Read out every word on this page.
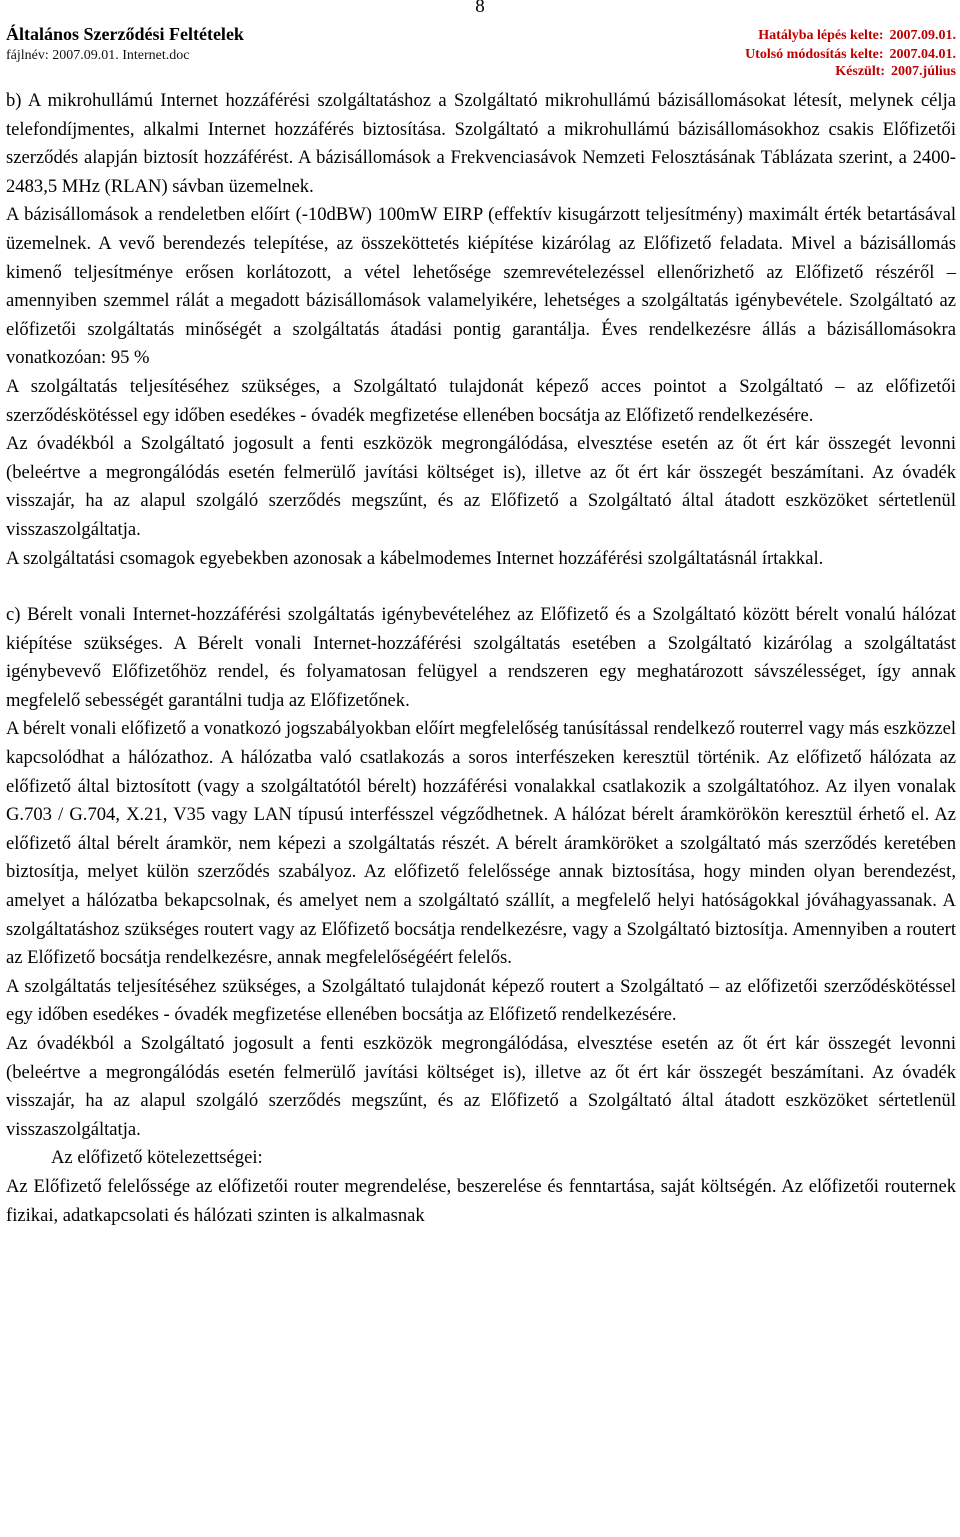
8
Általános Szerződési Feltételek
fájlnév: 2007.09.01. Internet.doc
Hatályba lépés kelte: 2007.09.01.
Utolsó módosítás kelte: 2007.04.01.
Készült: 2007.július

b) A mikrohullámú Internet hozzáférési szolgáltatáshoz a Szolgáltató mikrohullámú bázisállomásokat létesít, melynek célja telefondíjmentes, alkalmi Internet hozzáférés biztosítása. Szolgáltató a mikrohullámú bázisállomásokhoz csakis Előfizetői szerződés alapján biztosít hozzáférést. A bázisállomások a Frekvenciasávok Nemzeti Felosztásának Táblázata szerint, a 2400-2483,5 MHz (RLAN) sávban üzemelnek.

A bázisállomások a rendeletben előírt (-10dBW) 100mW EIRP (effektív kisugárzott teljesítmény) maximált érték betartásával üzemelnek. A vevő berendezés telepítése, az összeköttetés kiépítése kizárólag az Előfizető feladata. Mivel a bázisállomás kimenő teljesítménye erősen korlátozott, a vétel lehetősége szemrevételezéssel ellenőrizhető az Előfizető részéről – amennyiben szemmel rálát a megadott bázisállomások valamelyikére, lehetséges a szolgáltatás igénybevétele. Szolgáltató az előfizetői szolgáltatás minőségét a szolgáltatás átadási pontig garantálja. Éves rendelkezésre állás a bázisállomásokra vonatkozóan: 95 %

A szolgáltatás teljesítéséhez szükséges, a Szolgáltató tulajdonát képező acces pointot a Szolgáltató – az előfizetői szerződéskötéssel egy időben esedékes - óvadék megfizetése ellenében bocsátja az Előfizető rendelkezésére.

Az óvadékból a Szolgáltató jogosult a fenti eszközök megrongálódása, elvesztése esetén az őt ért kár összegét levonni (beleértve a megrongálódás esetén felmerülő javítási költséget is), illetve az őt ért kár összegét beszámítani. Az óvadék visszajár, ha az alapul szolgáló szerződés megszűnt, és az Előfizető a Szolgáltató által átadott eszközöket sértetlenül visszaszolgáltatja.

A szolgáltatási csomagok egyebekben azonosak a kábelmodemes Internet hozzáférési szolgáltatásnál írtakkal.

c) Bérelt vonali Internet-hozzáférési szolgáltatás igénybevételéhez az Előfizető és a Szolgáltató között bérelt vonalú hálózat kiépítése szükséges. A Bérelt vonali Internet-hozzáférési szolgáltatás esetében a Szolgáltató kizárólag a szolgáltatást igénybevevő Előfizetőhöz rendel, és folyamatosan felügyel a rendszeren egy meghatározott sávszélességet, így annak megfelelő sebességét garantálni tudja az Előfizetőnek.

A bérelt vonali előfizető a vonatkozó jogszabályokban előírt megfelelőség tanúsítással rendelkező routerrel vagy más eszközzel kapcsolódhat a hálózathoz. A hálózatba való csatlakozás a soros interfészeken keresztül történik. Az előfizető hálózata az előfizető által biztosított (vagy a szolgáltatótól bérelt) hozzáférési vonalakkal csatlakozik a szolgáltatóhoz. Az ilyen vonalak G.703 / G.704, X.21, V35 vagy LAN típusú interfésszel végződhetnek. A hálózat bérelt áramkörökön keresztül érhető el. Az előfizető által bérelt áramkör, nem képezi a szolgáltatás részét. A bérelt áramköröket a szolgáltató más szerződés keretében biztosítja, melyet külön szerződés szabályoz. Az előfizető felelőssége annak biztosítása, hogy minden olyan berendezést, amelyet a hálózatba bekapcsolnak, és amelyet nem a szolgáltató szállít, a megfelelő helyi hatóságokkal jóváhagyassanak. A szolgáltatáshoz szükséges routert vagy az Előfizető bocsátja rendelkezésre, vagy a Szolgáltató biztosítja. Amennyiben a routert az Előfizető bocsátja rendelkezésre, annak megfelelőségéért felelős.

A szolgáltatás teljesítéséhez szükséges, a Szolgáltató tulajdonát képező routert a Szolgáltató – az előfizetői szerződéskötéssel egy időben esedékes - óvadék megfizetése ellenében bocsátja az Előfizető rendelkezésére.

Az óvadékból a Szolgáltató jogosult a fenti eszközök megrongálódása, elvesztése esetén az őt ért kár összegét levonni (beleértve a megrongálódás esetén felmerülő javítási költséget is), illetve az őt ért kár összegét beszámítani. Az óvadék visszajár, ha az alapul szolgáló szerződés megszűnt, és az Előfizető a Szolgáltató által átadott eszközöket sértetlenül visszaszolgáltatja.

Az előfizető kötelezettségei:

Az Előfizető felelőssége az előfizetői router megrendelése, beszerelése és fenntartása, saját költségén. Az előfizetői routernek fizikai, adatkapcsolati és hálózati szinten is alkalmasnak
